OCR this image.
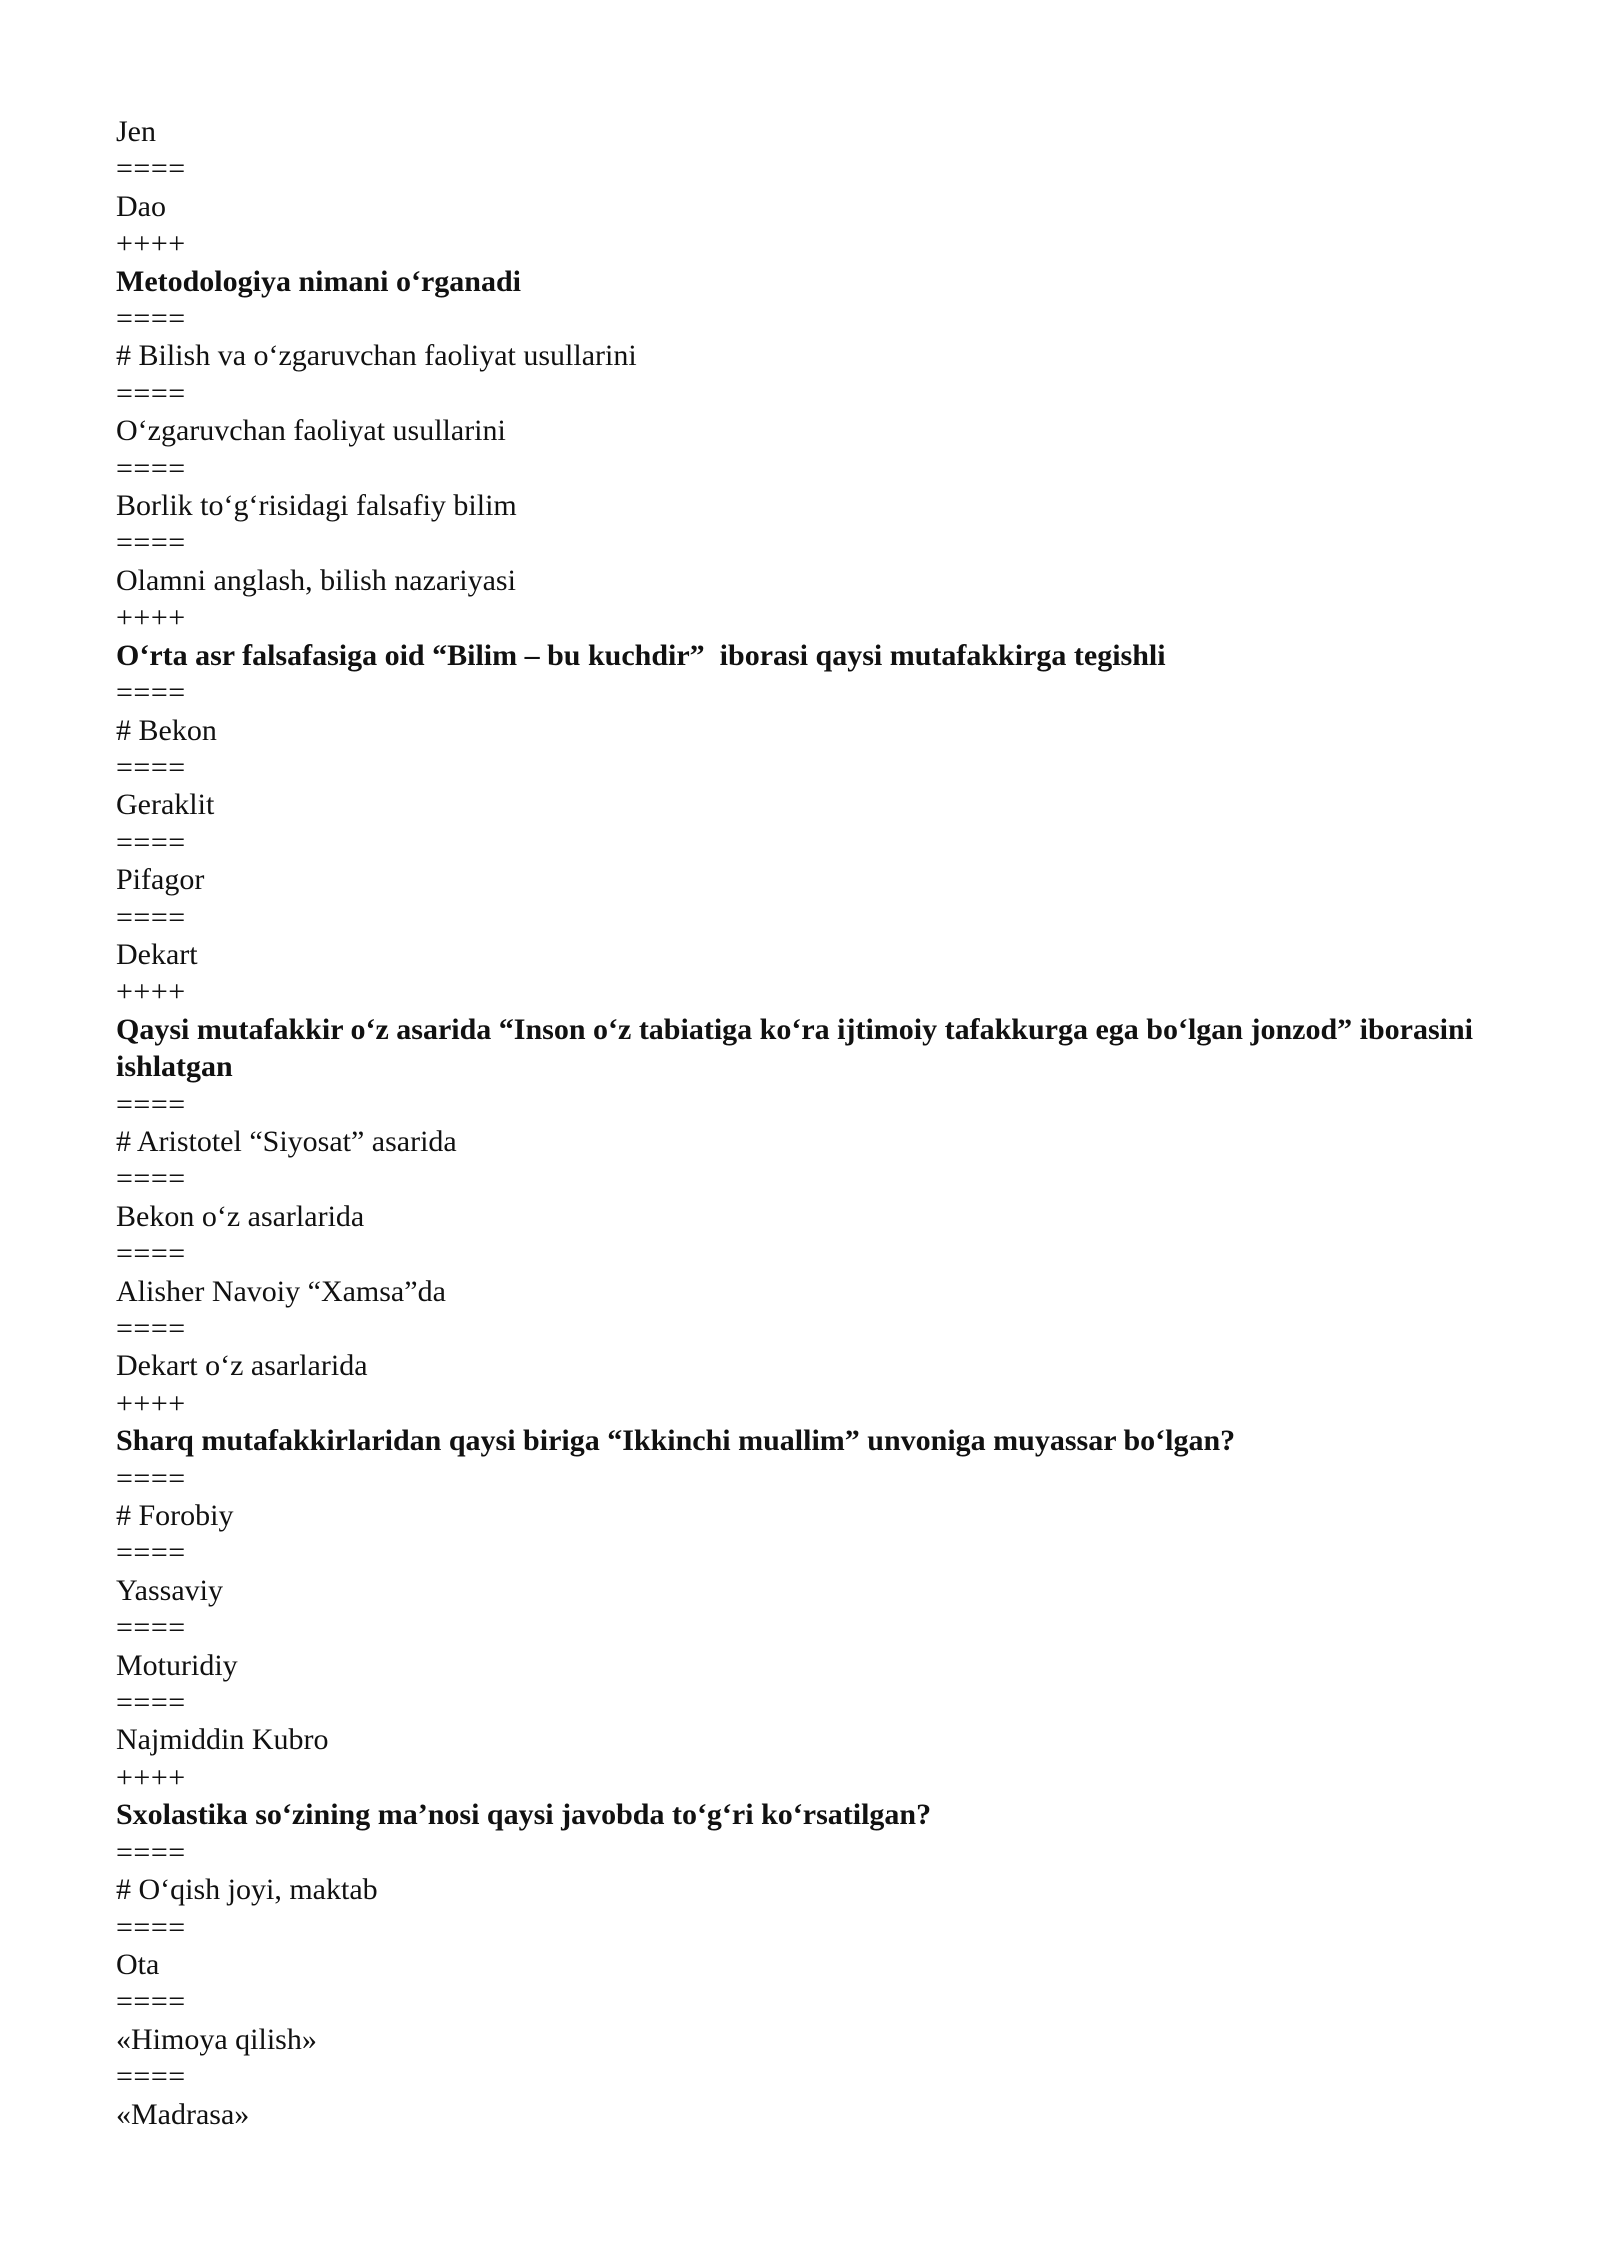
Jen
====
Dao
++++
Metodologiya nimani o‘rganadi
====
# Bilish va o‘zgaruvchan faoliyat usullarini
====
O‘zgaruvchan faoliyat usullarini
====
Borlik to‘g‘risidagi falsafiy bilim
====
Olamni anglash, bilish nazariyasi
++++
O‘rta asr falsafasiga oid “Bilim – bu kuchdir”  iborasi qaysi mutafakkirga tegishli
====
# Bekon
====
Geraklit
====
Pifagor
====
Dekart
++++
Qaysi mutafakkir o‘z asarida “Inson o‘z tabiatiga ko‘ra ijtimoiy tafakkurga ega bo‘lgan jonzod” iborasini ishlatgan
====
# Aristotel “Siyosat” asarida
====
Bekon o‘z asarlarida
====
Alisher Navoiy “Xamsa”da
====
Dekart o‘z asarlarida
++++
Sharq mutafakkirlaridan qaysi biriga “Ikkinchi muallim” unvoniga muyassar bo‘lgan?
====
# Forobiy
====
Yassaviy
====
Moturidiy
====
Najmiddin Kubro
++++
Sxolastika so‘zining ma’nosi qaysi javobda to‘g‘ri ko‘rsatilgan?
====
# O‘qish joyi, maktab
====
Ota
====
«Himoya qilish»
====
«Madrasa»
